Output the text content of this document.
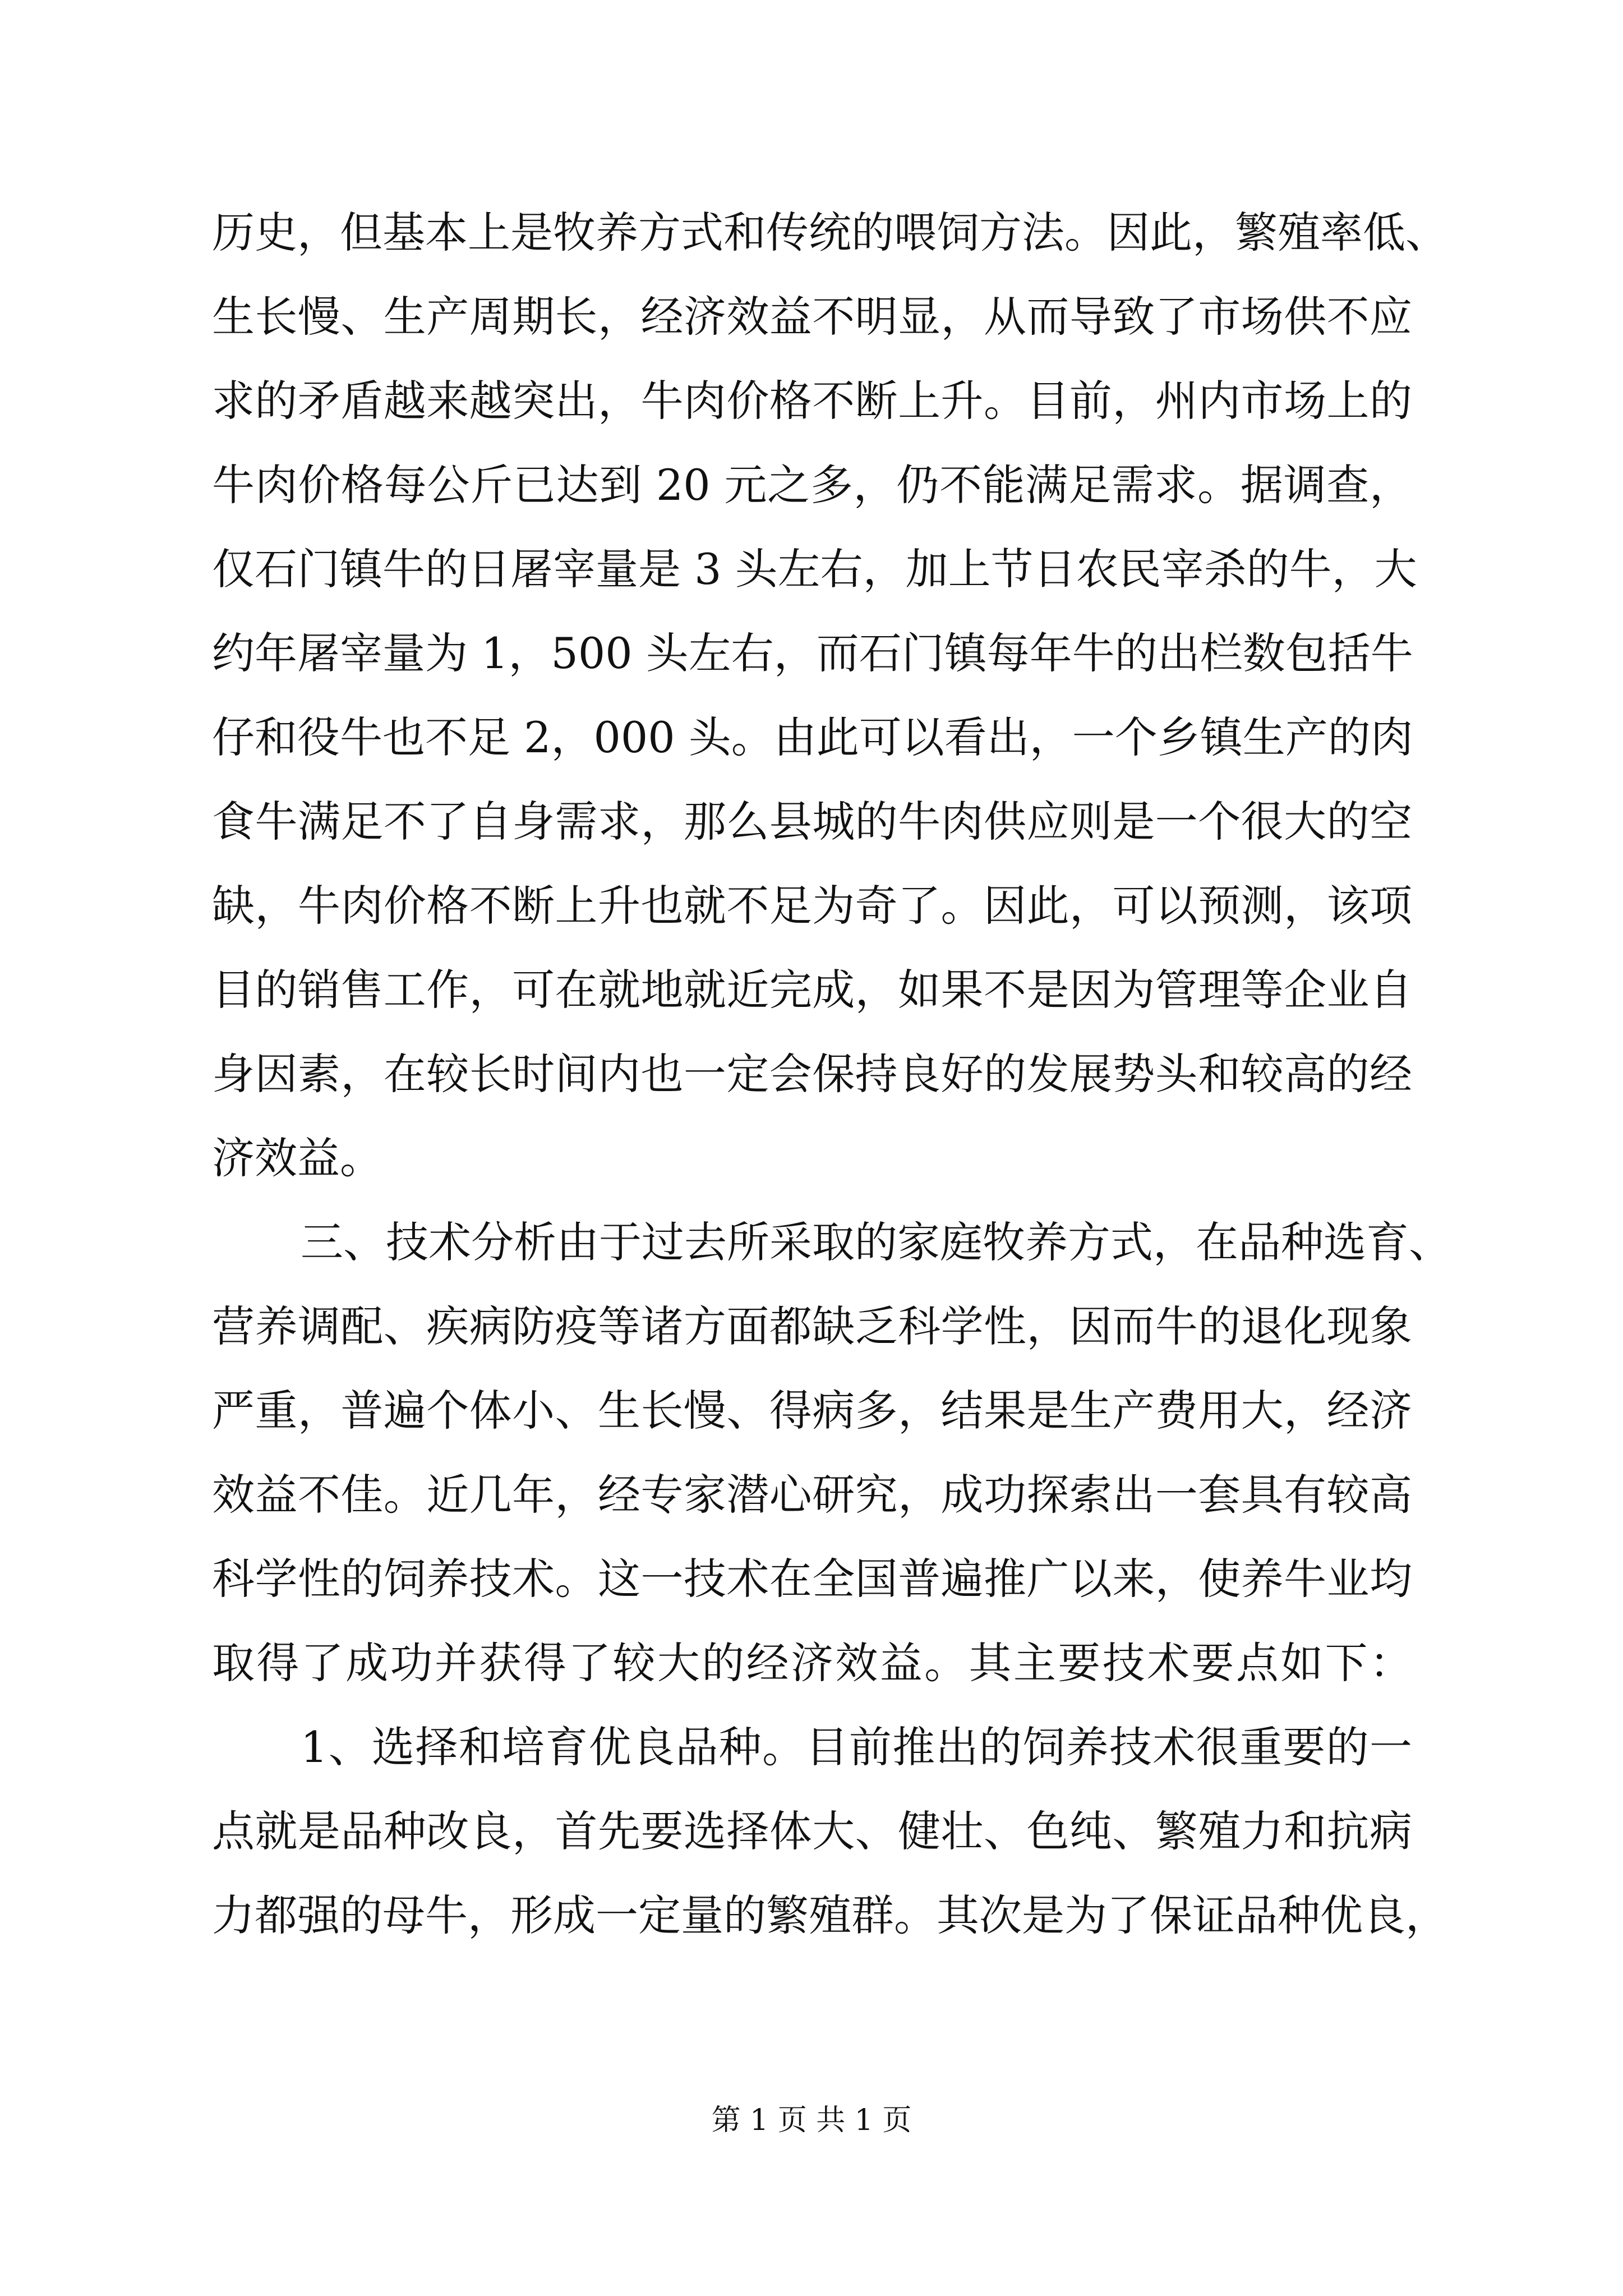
历史，但基本上是牧养方式和传统的喂饲方法。因此，繁殖率低、
生长慢、生产周期长，经济效益不明显，从而导致了市场供不应
求的矛盾越来越突出，牛肉价格不断上升。目前，州内市场上的
牛肉价格每公斤已达到 20 元之多，仍不能满足需求。据调查，
仅石门镇牛的日屠宰量是 3 头左右，加上节日农民宰杀的牛，大
约年屠宰量为 1，500 头左右，而石门镇每年牛的出栏数包括牛
仔和役牛也不足 2，000 头。由此可以看出，一个乡镇生产的肉
食牛满足不了自身需求，那么县城的牛肉供应则是一个很大的空
缺，牛肉价格不断上升也就不足为奇了。因此，可以预测，该项
目的销售工作，可在就地就近完成，如果不是因为管理等企业自
身因素，在较长时间内也一定会保持良好的发展势头和较高的经
济效益。
三、技术分析由于过去所采取的家庭牧养方式，在品种选育、
营养调配、疾病防疫等诸方面都缺乏科学性，因而牛的退化现象
严重，普遍个体小、生长慢、得病多，结果是生产费用大，经济
效益不佳。近几年，经专家潜心研究，成功探索出一套具有较高
科学性的饲养技术。这一技术在全国普遍推广以来，使养牛业均
取得了成功并获得了较大的经济效益。其主要技术要点如下：
1、选择和培育优良品种。目前推出的饲养技术很重要的一
点就是品种改良，首先要选择体大、健壮、色纯、繁殖力和抗病
力都强的母牛，形成一定量的繁殖群。其次是为了保证品种优良，
第 1 页 共 1 页
